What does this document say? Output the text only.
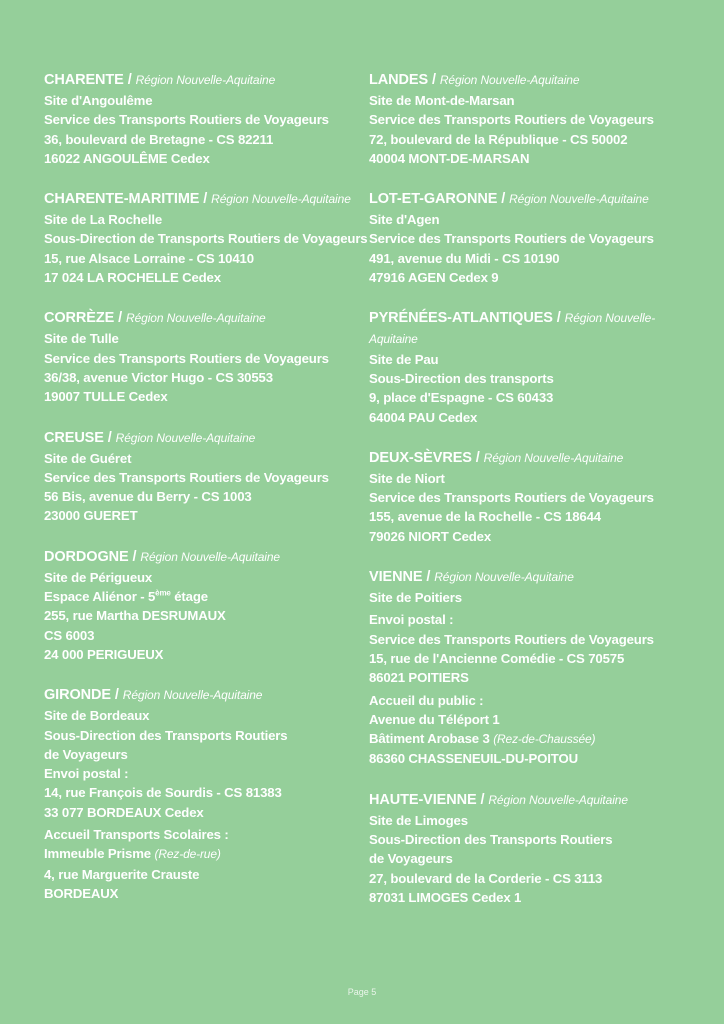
CHARENTE / Région Nouvelle-Aquitaine
Site d'Angoulême
Service des Transports Routiers de Voyageurs
36, boulevard de Bretagne - CS 82211
16022 ANGOULÊME Cedex
CHARENTE-MARITIME / Région Nouvelle-Aquitaine
Site de La Rochelle
Sous-Direction de Transports Routiers de Voyageurs
15, rue Alsace Lorraine - CS 10410
17 024 LA ROCHELLE Cedex
CORRÈZE / Région Nouvelle-Aquitaine
Site de Tulle
Service des Transports Routiers de Voyageurs
36/38, avenue Victor Hugo - CS 30553
19007 TULLE Cedex
CREUSE / Région Nouvelle-Aquitaine
Site de Guéret
Service des Transports Routiers de Voyageurs
56 Bis, avenue du Berry - CS 1003
23000 GUERET
DORDOGNE / Région Nouvelle-Aquitaine
Site de Périgueux
Espace Aliénor - 5ème étage
255, rue Martha DESRUMAUX
CS 6003
24 000 PERIGUEUX
GIRONDE / Région Nouvelle-Aquitaine
Site de Bordeaux
Sous-Direction des Transports Routiers
de Voyageurs
Envoi postal :
14, rue François de Sourdis - CS 81383
33 077 BORDEAUX Cedex
Accueil Transports Scolaires :
Immeuble Prisme (Rez-de-rue)
4, rue Marguerite Crauste
BORDEAUX
LANDES / Région Nouvelle-Aquitaine
Site de Mont-de-Marsan
Service des Transports Routiers de Voyageurs
72, boulevard de la République - CS 50002
40004 MONT-DE-MARSAN
LOT-ET-GARONNE / Région Nouvelle-Aquitaine
Site d'Agen
Service des Transports Routiers de Voyageurs
491, avenue du Midi - CS 10190
47916 AGEN Cedex 9
PYRÉNÉES-ATLANTIQUES / Région Nouvelle-
Aquitaine
Site de Pau
Sous-Direction des transports
9, place d'Espagne - CS 60433
64004 PAU Cedex
DEUX-SÈVRES / Région Nouvelle-Aquitaine
Site de Niort
Service des Transports Routiers de Voyageurs
155, avenue de la Rochelle - CS 18644
79026 NIORT Cedex
VIENNE / Région Nouvelle-Aquitaine
Site de Poitiers
Envoi postal :
Service des Transports Routiers de Voyageurs
15, rue de l'Ancienne Comédie - CS 70575
86021 POITIERS
Accueil du public :
Avenue du Téléport 1
Bâtiment Arobase 3 (Rez-de-Chaussée)
86360 CHASSENEUIL-DU-POITOU
HAUTE-VIENNE / Région Nouvelle-Aquitaine
Site de Limoges
Sous-Direction des Transports Routiers
de Voyageurs
27, boulevard de la Corderie - CS 3113
87031 LIMOGES Cedex 1
Page 5
